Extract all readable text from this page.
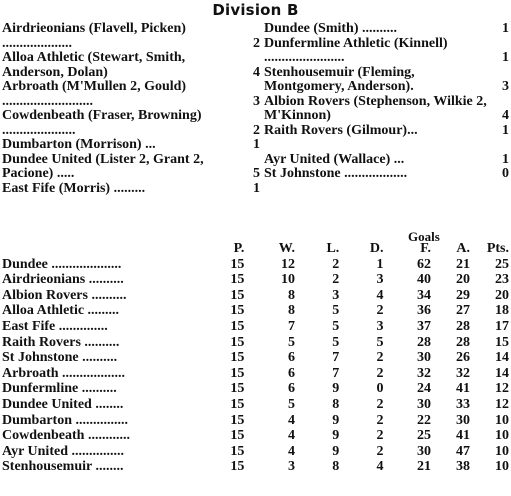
Division B
Airdrieonians (Flavell, Picken) ....................	2
Alloa Athletic (Stewart, Smith, Anderson, Dolan)	4
Arbroath (M'Mullen 2, Gould) ..........................	3
Cowdenbeath (Fraser, Browning) .....................	2
Dumbarton (Morrison) ...	1
Dundee United (Lister 2, Grant 2, Pacione) .....	5
East Fife (Morris) .........	1
Dundee (Smith) ..........	1
Dunfermline Athletic (Kinnell) .......................	1
Stenhousemuir (Fleming, Montgomery, Anderson).	3
Albion Rovers (Stephenson, Wilkie 2, M'Kinnon)	4
Raith Rovers (Gilmour)...	1
Ayr United (Wallace) ...	1
St Johnstone ..................	0
Goals
	P.	W.	L.	D.	F.	A.	Pts.
Dundee ....................	15	12	2	1	62	21	25
Airdrieonians ..........	15	10	2	3	40	20	23
Albion Rovers ..........	15	8	3	4	34	29	20
Alloa Athletic .........	15	8	5	2	36	27	18
East Fife ..............	15	7	5	3	37	28	17
Raith Rovers ..........	15	5	5	5	28	28	15
St Johnstone ..........	15	6	7	2	30	26	14
Arbroath ..................	15	6	7	2	32	32	14
Dunfermline ..........	15	6	9	0	24	41	12
Dundee United ........	15	5	8	2	30	33	12
Dumbarton ...............	15	4	9	2	22	30	10
Cowdenbeath ............	15	4	9	2	25	41	10
Ayr United ...............	15	4	9	2	30	47	10
Stenhousemuir ........	15	3	8	4	21	38	10
